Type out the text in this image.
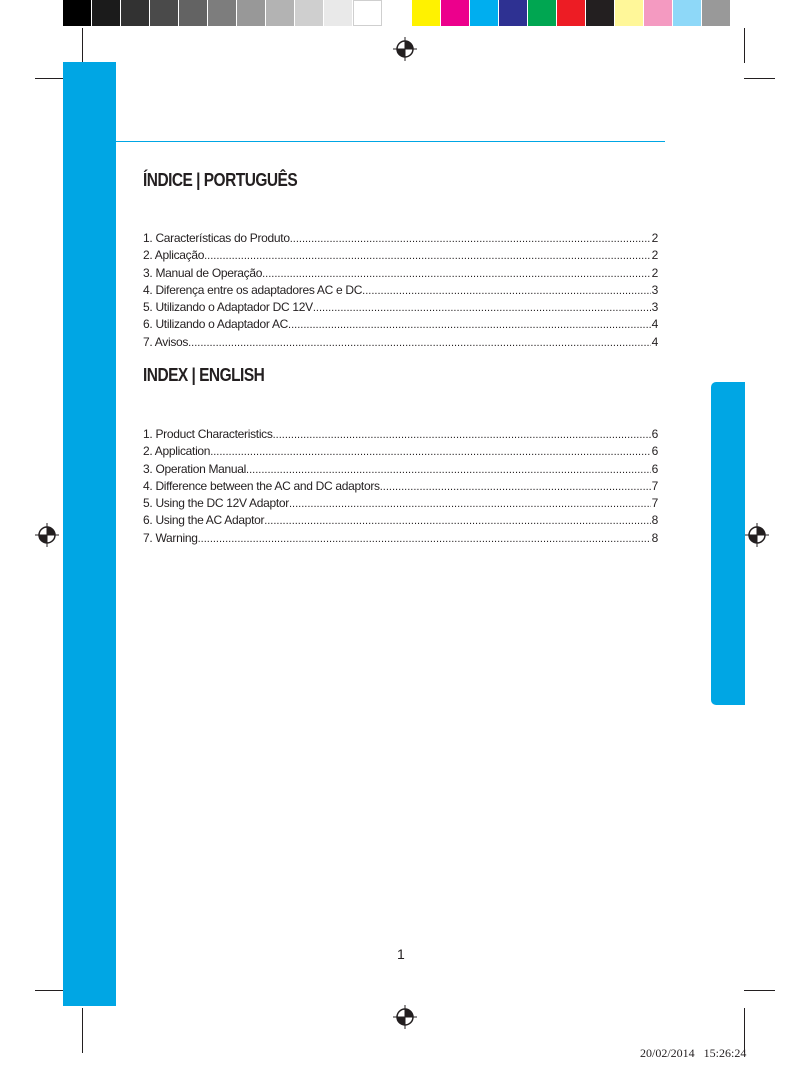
ÍNDICE | PORTUGUÊS
1. Características do Produto .....	2
2. Aplicação .....	2
3. Manual de Operação .....	2
4. Diferença entre os adaptadores AC e DC .....	3
5. Utilizando o Adaptador DC 12V .....	3
6. Utilizando o Adaptador AC .....	4
7. Avisos .....	4
INDEX | ENGLISH
1. Product Characteristics .....	6
2. Application .....	6
3. Operation Manual .....	6
4. Difference between the AC and DC adaptors .....	7
5. Using the DC 12V Adaptor .....	7
6. Using the AC Adaptor .....	8
7. Warning .....	8
1
20/02/2014   15:26:24
